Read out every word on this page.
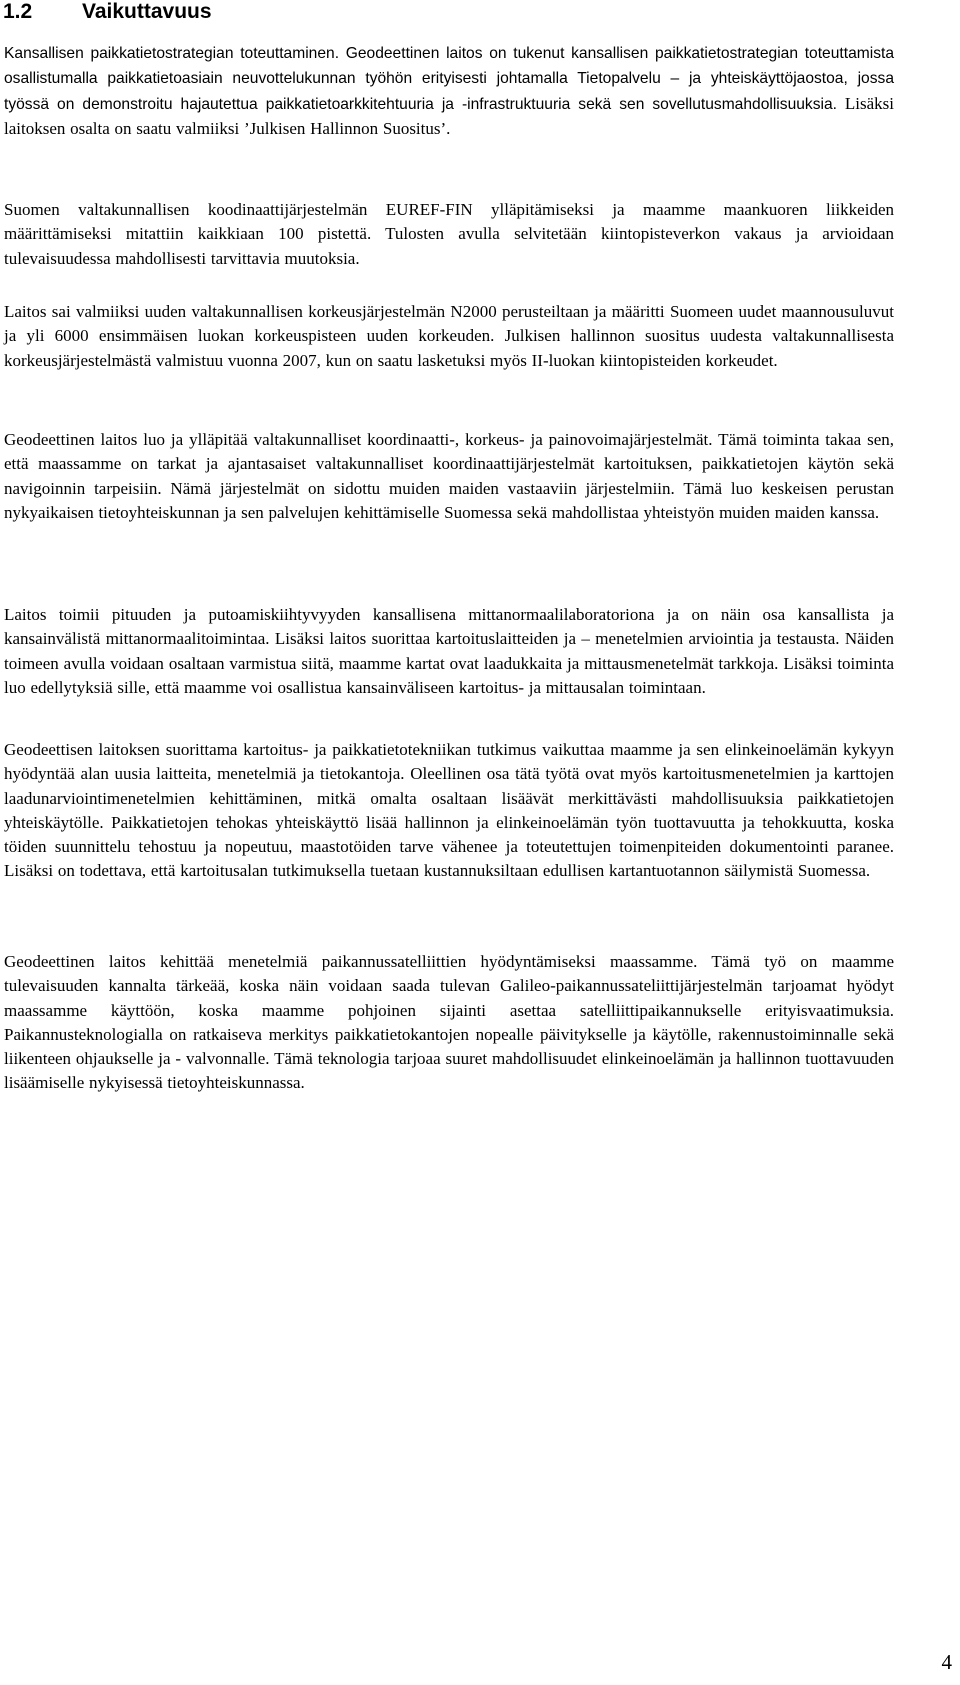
1.2 Vaikuttavuus

Kansallisen paikkatietostrategian toteuttaminen. Geodeettinen laitos on tukenut kansallisen paikkatietostrategian toteuttamista osallistumalla paikkatietoasiain neuvottelukunnan työhön erityisesti johtamalla Tietopalvelu – ja yhteiskäyttöjaostoa, jossa työssä on demonstroitu hajautettua paikkatietoarkkitehtuuria ja -infrastruktuuria sekä sen sovellutusmahdollisuuksia. Lisäksi laitoksen osalta on saatu valmiiksi ’Julkisen Hallinnon Suositus’.

Suomen valtakunnallisen koodinaattijärjestelmän EUREF-FIN ylläpitämiseksi ja maamme maankuoren liikkeiden määrittämiseksi mitattiin kaikkiaan 100 pistettä. Tulosten avulla selvitetään kiintopisteverkon vakaus ja arvioidaan tulevaisuudessa mahdollisesti tarvittavia muutoksia.

Laitos sai valmiiksi uuden valtakunnallisen korkeusjärjestelmän N2000 perusteiltaan ja määritti Suomeen uudet maannousuluvut ja yli 6000 ensimmäisen luokan korkeuspisteen uuden korkeuden. Julkisen hallinnon suositus uudesta valtakunnallisesta korkeusjärjestelmästä valmistuu vuonna 2007, kun on saatu lasketuksi myös II-luokan kiintopisteiden korkeudet.

Geodeettinen laitos luo ja ylläpitää valtakunnalliset koordinaatti-, korkeus- ja painovoimajärjestelmät. Tämä toiminta takaa sen, että maassamme on tarkat ja ajantasaiset valtakunnalliset koordinaattijärjestelmät kartoituksen, paikkatietojen käytön sekä navigoinnin tarpeisiin. Nämä järjestelmät on sidottu muiden maiden vastaaviin järjestelmiin. Tämä luo keskeisen perustan nykyaikaisen tietoyhteiskunnan ja sen palvelujen kehittämiselle Suomessa sekä mahdollistaa yhteistyön muiden maiden kanssa.

Laitos toimii pituuden ja putoamiskiihtyvyyden kansallisena mittanormaalilaboratoriona ja on näin osa kansallista ja kansainvälistä mittanormaalitoimintaa. Lisäksi laitos suorittaa kartoituslaitteiden ja – menetelmien arviointia ja testausta. Näiden toimeen avulla voidaan osaltaan varmistua siitä, maamme kartat ovat laadukkaita ja mittausmenetelmät tarkkoja. Lisäksi toiminta luo edellytyksiä sille, että maamme voi osallistua kansainväliseen kartoitus- ja mittausalan toimintaan.

Geodeettisen laitoksen suorittama kartoitus- ja paikkatietotekniikan tutkimus vaikuttaa maamme ja sen elinkeinoelämän kykyyn hyödyntää alan uusia laitteita, menetelmiä ja tietokantoja. Oleellinen osa tätä työtä ovat myös kartoitusmenetelmien ja karttojen laadunarviointimenetelmien kehittäminen, mitkä omalta osaltaan lisäävät merkittävästi mahdollisuuksia paikkatietojen yhteiskäytölle. Paikkatietojen tehokas yhteiskäyttö lisää hallinnon ja elinkeinoelämän työn tuottavuutta ja tehokkuutta, koska töiden suunnittelu tehostuu ja nopeutuu, maastotöiden tarve vähenee ja toteutettujen toimenpiteiden dokumentointi paranee. Lisäksi on todettava, että kartoitusalan tutkimuksella tuetaan kustannuksiltaan edullisen kartantuotannon säilymistä Suomessa.

Geodeettinen laitos kehittää menetelmiä paikannussatelliittien hyödyntämiseksi maassamme. Tämä työ on maamme tulevaisuuden kannalta tärkeää, koska näin voidaan saada tulevan Galileo-paikannussateliittijärjestelmän tarjoamat hyödyt maassamme käyttöön, koska maamme pohjoinen sijainti asettaa satelliittipaikannukselle erityisvaatimuksia. Paikannusteknologialla on ratkaiseva merkitys paikkatietokantojen nopealle päivitykselle ja käytölle, rakennustoiminnalle sekä liikenteen ohjaukselle ja - valvonnalle. Tämä teknologia tarjoaa suuret mahdollisuudet elinkeinoelämän ja hallinnon tuottavuuden lisäämiselle nykyisessä tietoyhteiskunnassa.

4
